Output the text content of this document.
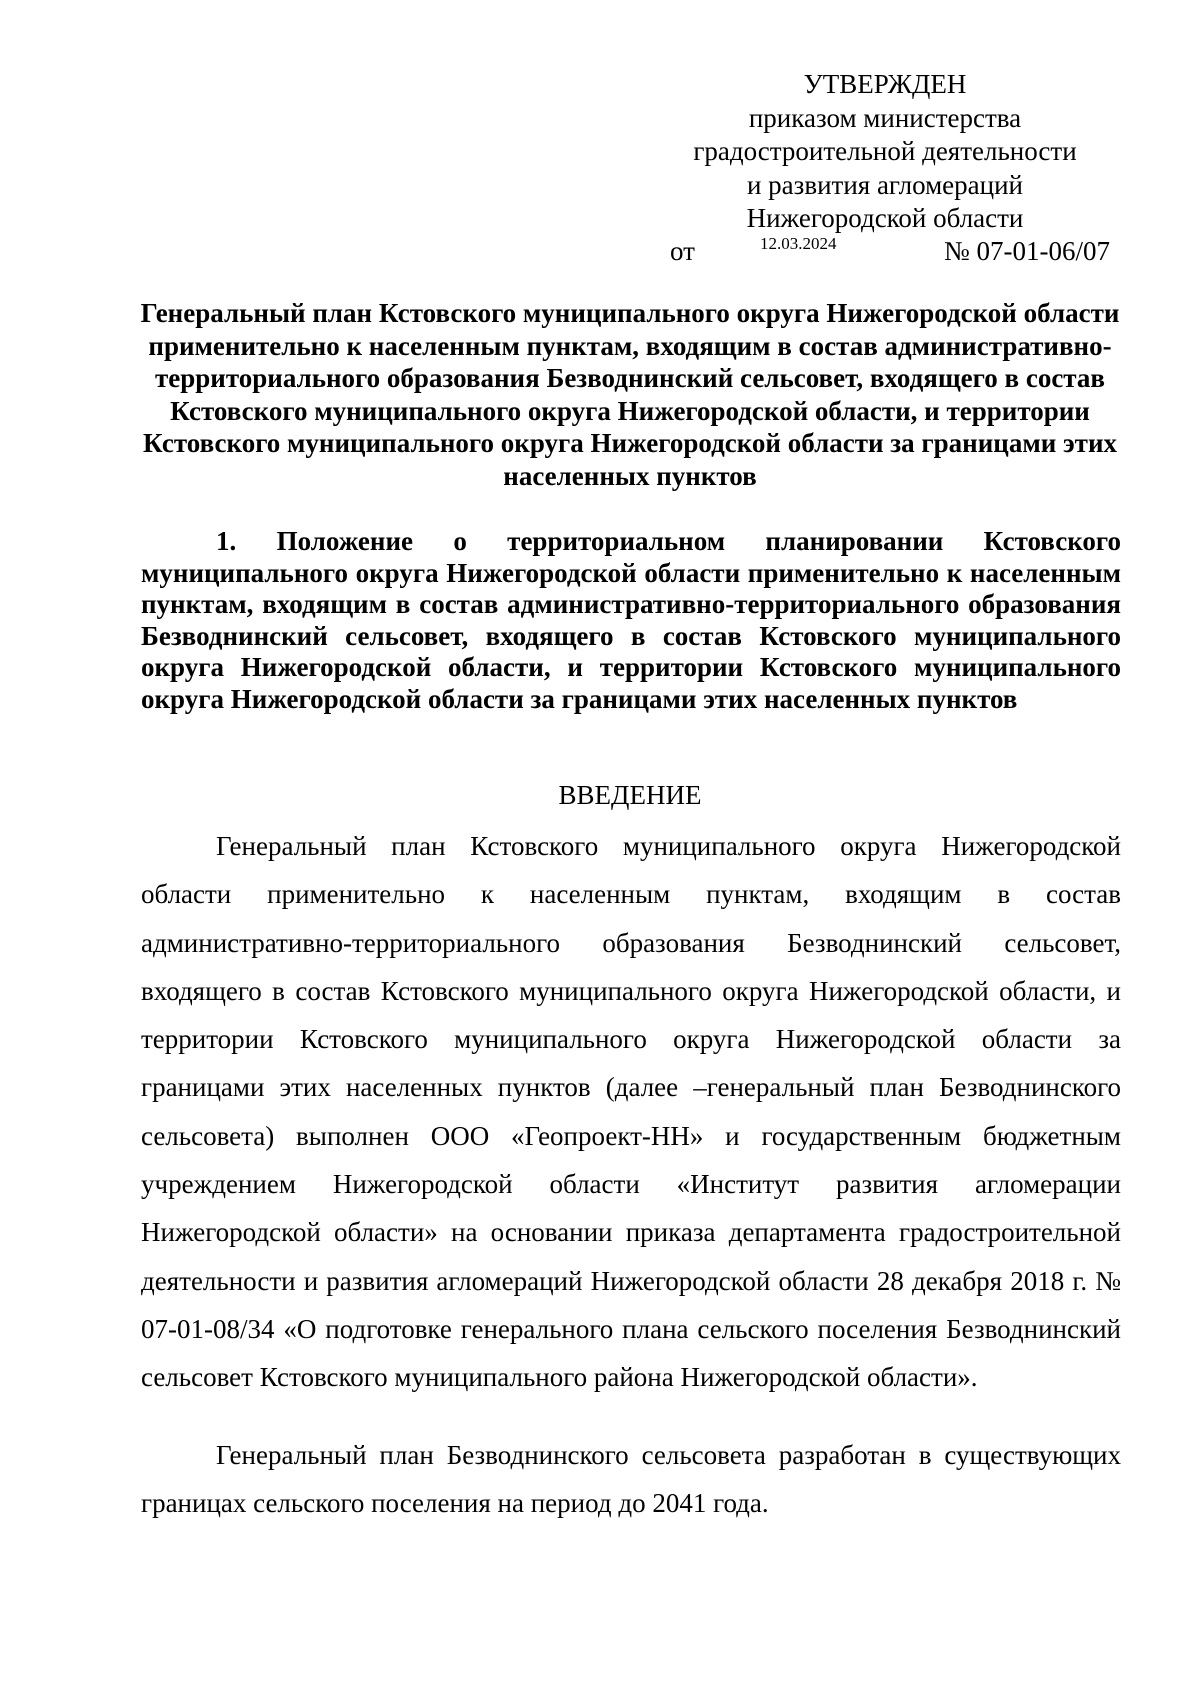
УТВЕРЖДЕН
приказом министерства
градостроительной деятельности
и развития агломераций
Нижегородской области
от	12.03.2024	№ 07-01-06/07
Генеральный план Кстовского муниципального округа Нижегородской области применительно к населенным пунктам, входящим в состав административно-территориального образования Безводнинский сельсовет, входящего в состав Кстовского муниципального округа Нижегородской области, и территории Кстовского муниципального округа Нижегородской области за границами этих населенных пунктов
1. Положение о территориальном планировании Кстовского муниципального округа Нижегородской области применительно к населенным пунктам, входящим в состав административно-территориального образования Безводнинский сельсовет, входящего в состав Кстовского муниципального округа Нижегородской области, и территории Кстовского муниципального округа Нижегородской области за границами этих населенных пунктов
ВВЕДЕНИЕ

Генеральный план Кстовского муниципального округа Нижегородской области применительно к населенным пунктам, входящим в состав административно-территориального образования Безводнинский сельсовет, входящего в состав Кстовского муниципального округа Нижегородской области, и территории Кстовского муниципального округа Нижегородской области за границами этих населенных пунктов (далее –генеральный план Безводнинского сельсовета) выполнен ООО «Геопроект-НН» и государственным бюджетным учреждением Нижегородской области «Институт развития агломерации Нижегородской области» на основании приказа департамента градостроительной деятельности и развития агломераций Нижегородской области 28 декабря 2018 г. № 07-01-08/34 «О подготовке генерального плана сельского поселения Безводнинский сельсовет Кстовского муниципального района Нижегородской области».

Генеральный план Безводнинского сельсовета разработан в существующих границах сельского поселения на период до 2041 года.
